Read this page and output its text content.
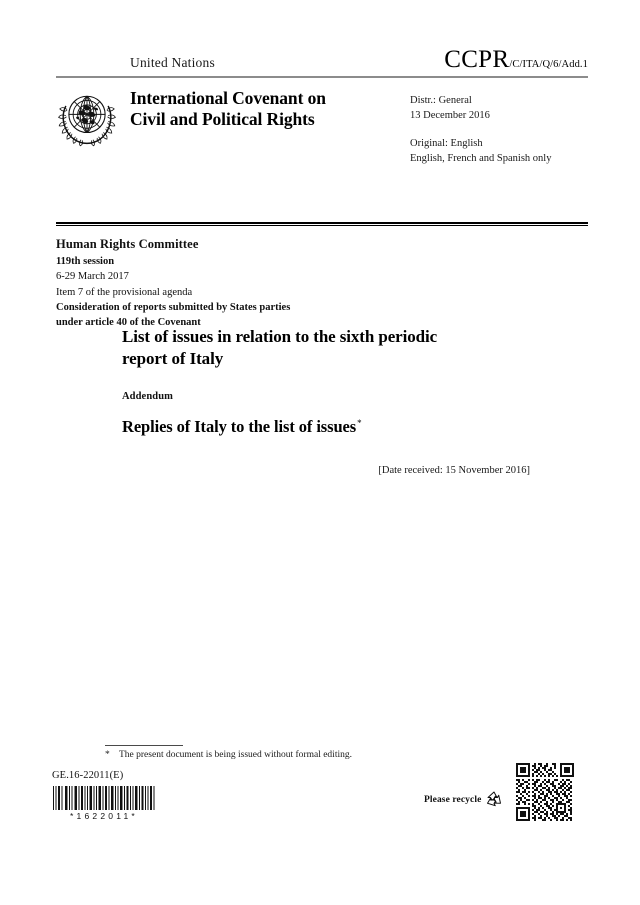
United Nations	CCPR /C/ITA/Q/6/Add.1
International Covenant on
Civil and Political Rights
Distr.: General
13 December 2016
Original: English
English, French and Spanish only
Human Rights Committee
119th session
6-29 March 2017
Item 7 of the provisional agenda
Consideration of reports submitted by States parties
under article 40 of the Covenant
List of issues in relation to the sixth periodic
report of Italy
Addendum
Replies of Italy to the list of issues*
[Date received: 15 November 2016]
* The present document is being issued without formal editing.
GE.16-22011(E)
*1622011*
Please recycle
